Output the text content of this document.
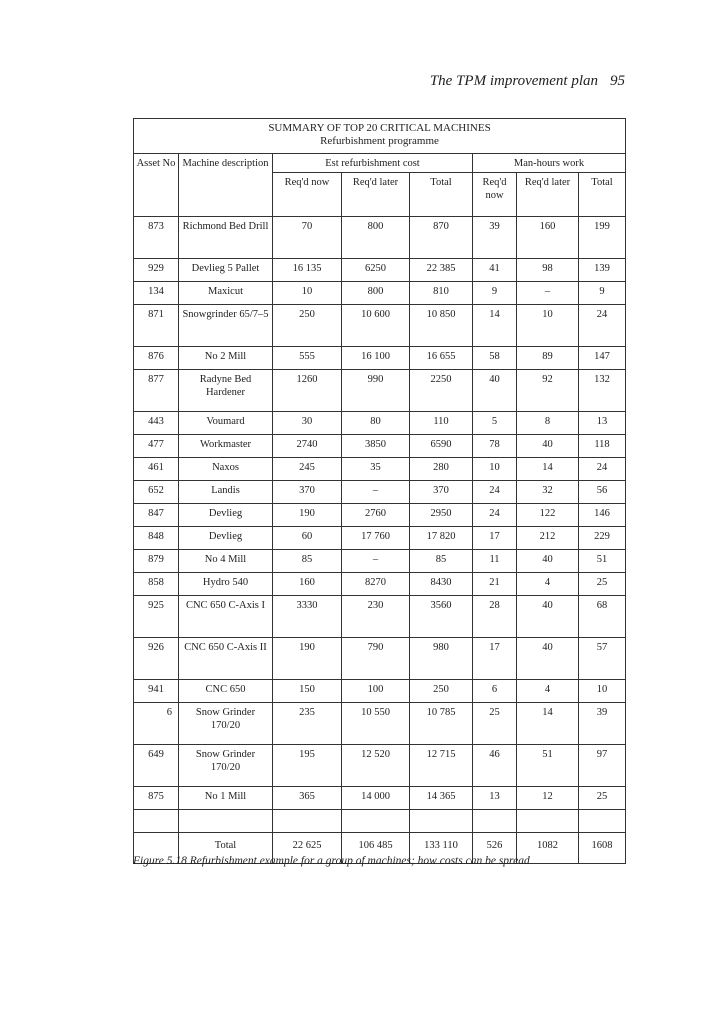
The TPM improvement plan 95
SUMMARY OF TOP 20 CRITICAL MACHINES
Refurbishment programme							

Asset No	Machine description	Est refurbishment cost			Man-hours work		
		Req'd now	Req'd later	Total	Req'd now	Req'd later	Total
873	Richmond Bed Drill	70	800	870	39	160	199
929	Devlieg 5 Pallet	16 135	6250	22 385	41	98	139
134	Maxicut	10	800	810	9	–	9
871	Snowgrinder 65/7–5	250	10 600	10 850	14	10	24
876	No 2 Mill	555	16 100	16 655	58	89	147
877	Radyne Bed Hardener	1260	990	2250	40	92	132
443	Voumard	30	80	110	5	8	13
477	Workmaster	2740	3850	6590	78	40	118
461	Naxos	245	35	280	10	14	24
652	Landis	370	–	370	24	32	56
847	Devlieg	190	2760	2950	24	122	146
848	Devlieg	60	17 760	17 820	17	212	229
879	No 4 Mill	85	–	85	11	40	51
858	Hydro 540	160	8270	8430	21	4	25
925	CNC 650 C-Axis I	3330	230	3560	28	40	68
926	CNC 650 C-Axis II	190	790	980	17	40	57
941	CNC 650	150	100	250	6	4	10
6	Snow Grinder 170/20	235	10 550	10 785	25	14	39
649	Snow Grinder 170/20	195	12 520	12 715	46	51	97
875	No 1 Mill	365	14 000	14 365	13	12	25

	Total	22 625	106 485	133 110	526	1082	1608
Figure 5.18 Refurbishment example for a group of machines; how costs can be spread
